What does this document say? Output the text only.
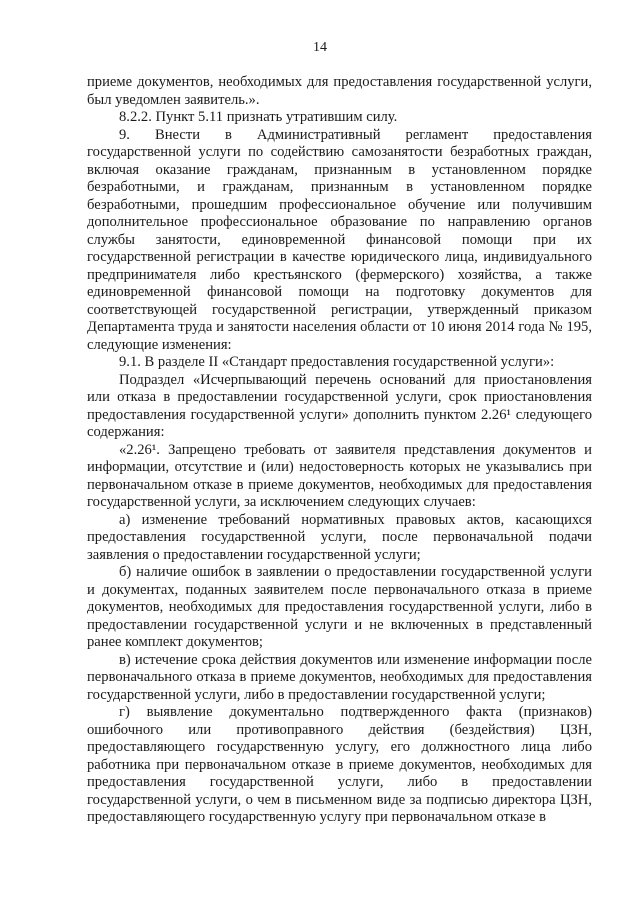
14

приеме документов, необходимых для предоставления государственной услуги, был уведомлен заявитель.».

8.2.2. Пункт 5.11 признать утратившим силу.

9. Внести в Административный регламент предоставления государственной услуги по содействию самозанятости безработных граждан, включая оказание гражданам, признанным в установленном порядке безработными, и гражданам, признанным в установленном порядке безработными, прошедшим профессиональное обучение или получившим дополнительное профессиональное образование по направлению органов службы занятости, единовременной финансовой помощи при их государственной регистрации в качестве юридического лица, индивидуального предпринимателя либо крестьянского (фермерского) хозяйства, а также единовременной финансовой помощи на подготовку документов для соответствующей государственной регистрации, утвержденный приказом Департамента труда и занятости населения области от 10 июня 2014 года № 195, следующие изменения:

9.1. В разделе II «Стандарт предоставления государственной услуги»:

Подраздел «Исчерпывающий перечень оснований для приостановления или отказа в предоставлении государственной услуги, срок приостановления предоставления государственной услуги» дополнить пунктом 2.26¹ следующего содержания:

«2.26¹. Запрещено требовать от заявителя представления документов и информации, отсутствие и (или) недостоверность которых не указывались при первоначальном отказе в приеме документов, необходимых для предоставления государственной услуги, за исключением следующих случаев:

а) изменение требований нормативных правовых актов, касающихся предоставления государственной услуги, после первоначальной подачи заявления о предоставлении государственной услуги;

б) наличие ошибок в заявлении о предоставлении государственной услуги и документах, поданных заявителем после первоначального отказа в приеме документов, необходимых для предоставления государственной услуги, либо в предоставлении государственной услуги и не включенных в представленный ранее комплект документов;

в) истечение срока действия документов или изменение информации после первоначального отказа в приеме документов, необходимых для предоставления государственной услуги, либо в предоставлении государственной услуги;

г) выявление документально подтвержденного факта (признаков) ошибочного или противоправного действия (бездействия) ЦЗН, предоставляющего государственную услугу, его должностного лица либо работника при первоначальном отказе в приеме документов, необходимых для предоставления государственной услуги, либо в предоставлении государственной услуги, о чем в письменном виде за подписью директора ЦЗН, предоставляющего государственную услугу при первоначальном отказе в
